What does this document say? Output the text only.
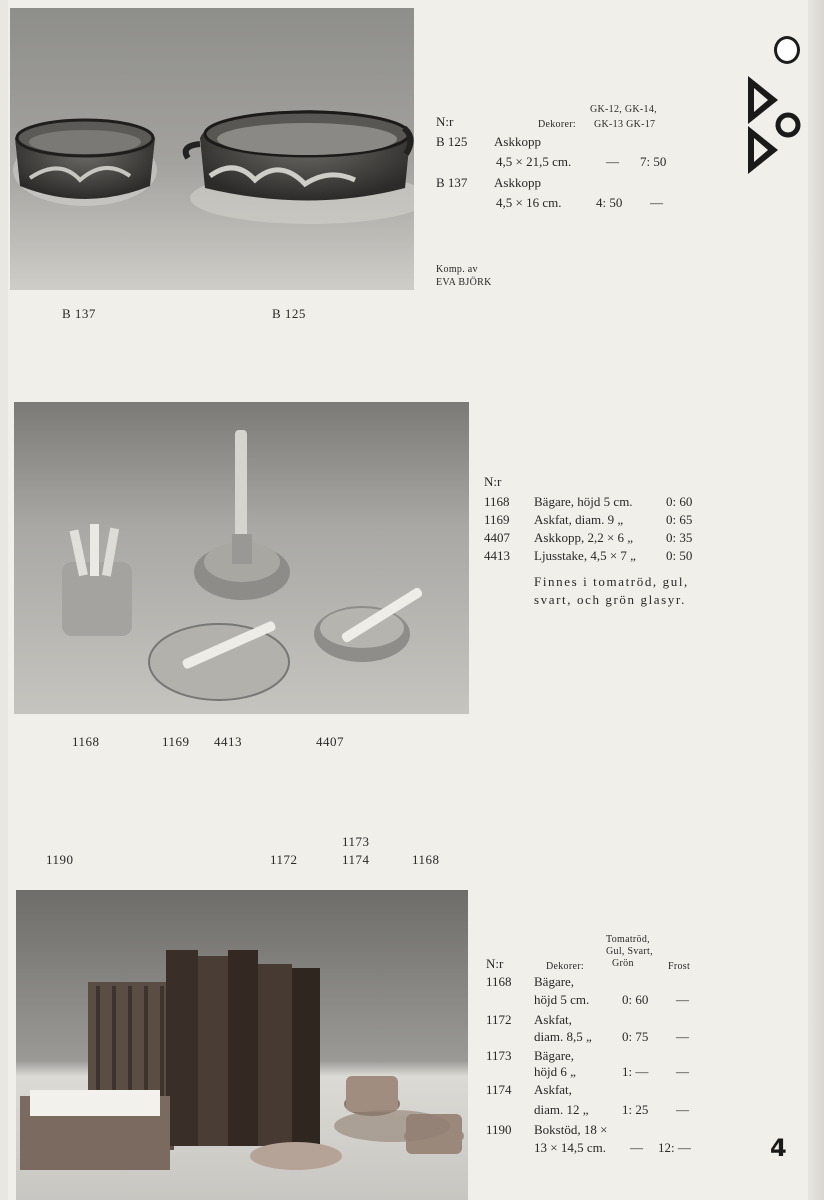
B 137	B 125
GK-12, GK-14,
N:r	Dekorer: GK-13 GK-17
B 125 Askkopp
4,5 × 21,5 cm.	— 7: 50
B 137 Askkopp
4,5 × 16 cm.	4: 50 —
Komp. av
EVA BJÖRK
N:r
1168 Bägare, höjd 5 cm.	0: 60
1169 Askfat, diam. 9 „	0: 65
4407 Askkopp, 2,2 × 6 „	0: 35
4413 Ljusstake, 4,5 × 7 „ 0: 50
Finnes i tomatröd, gul,
svart, och grön glasyr.
1168	1169 4413	4407
1190	1172
1173
1174	1168
Tomatröd,
Gul, Svart,
N:r	Dekorer:	Grön	Frost
1168 Bägare,
höjd 5 cm.	0: 60 —
1172 Askfat,
diam. 8,5 „ 0: 75 —
1173 Bägare,
höjd 6 „	1: — —
1174 Askfat,
diam. 12 „	1: 25 —
1190 Bokstöd, 18 ×
13 × 14,5 cm. — 12: —	4
